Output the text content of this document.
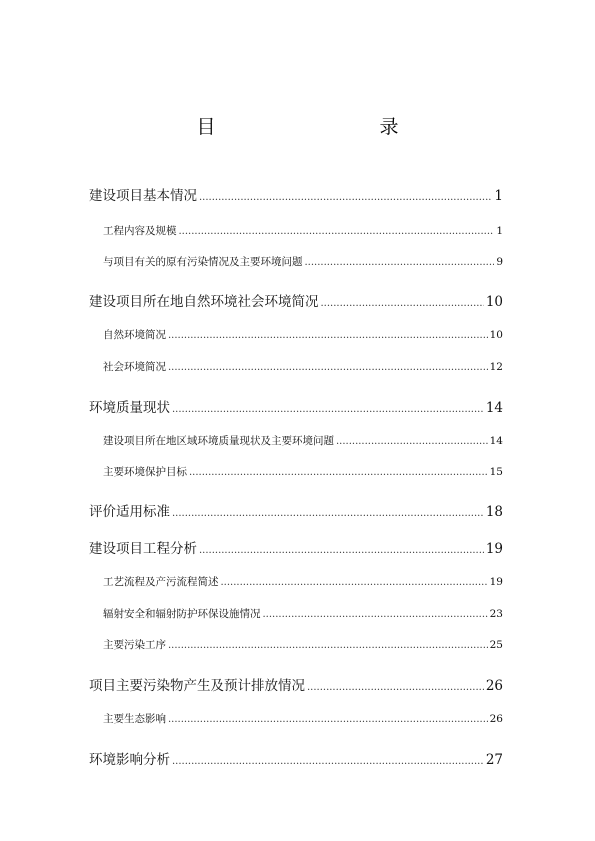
目　　录
建设项目基本情况 .....	1
工程内容及规模 .....	1
与项目有关的原有污染情况及主要环境问题 .....	9
建设项目所在地自然环境社会环境简况 .....	10
自然环境简况 .....	10
社会环境简况 .....	12
环境质量现状 .....	14
建设项目所在地区域环境质量现状及主要环境问题 .....	14
主要环境保护目标 .....	15
评价适用标准 .....	18
建设项目工程分析 .....	19
工艺流程及产污流程简述 .....	19
辐射安全和辐射防护环保设施情况 .....	23
主要污染工序 .....	25
项目主要污染物产生及预计排放情况 .....	26
主要生态影响 .....	26
环境影响分析 .....	27
